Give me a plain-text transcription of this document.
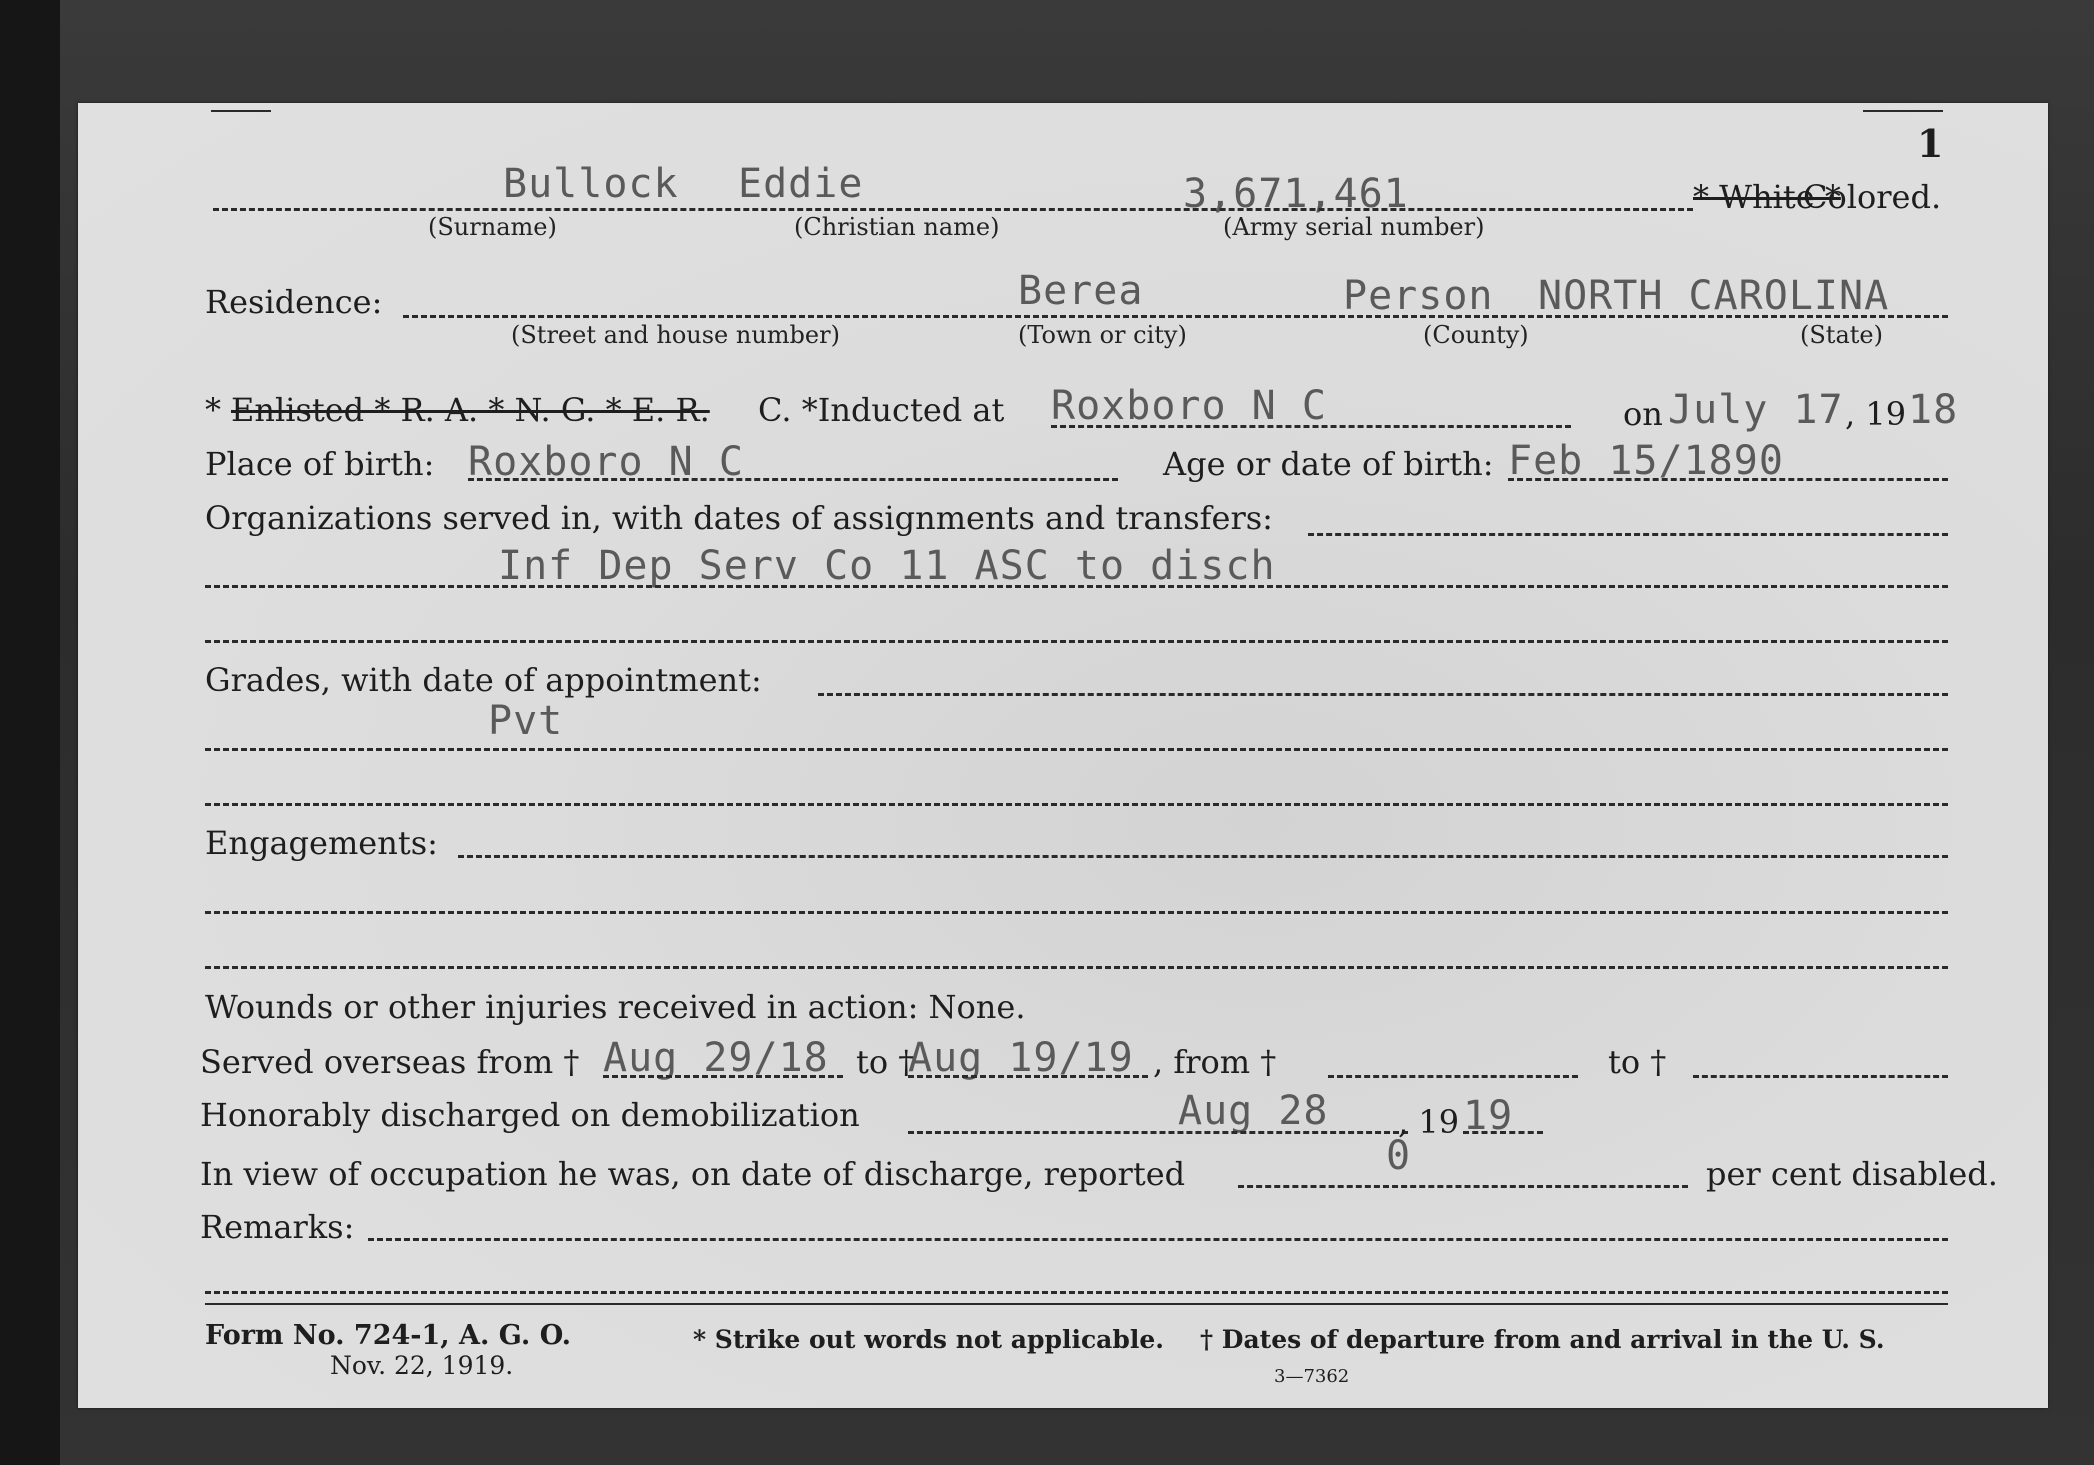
1
Bullock Eddie	3,671,461	* White *
Colored.
(Surname)	(Christian name)	(Army serial number)
Residence:	Berea	Person NORTH CAROLINA
(Street and house number)	(Town or city)	(County)	(State)
* Enlisted * R. A. * N. G. * E. R. C. *Inducted at Roxboro N C	on July 17 , 19 18
Place of birth: Roxboro N C	Age or date of birth: Feb 15/1890
Organizations served in, with dates of assignments and transfers:
Inf Dep Serv Co 11 ASC to disch
Grades, with date of appointment:
Pvt
Engagements:
Wounds or other injuries received in action: None.
Served overseas from † Aug 29/18 to †
Aug 19/19 , from †	to †
Honorably discharged on demobilization	Aug 28 , 19 19
0
In view of occupation he was, on date of discharge, reported	per cent disabled.
Remarks:
Form No. 724-1, A. G. O.
Nov. 22, 1919.
* Strike out words not applicable. † Dates of departure from and arrival in the U. S.
3—7362
